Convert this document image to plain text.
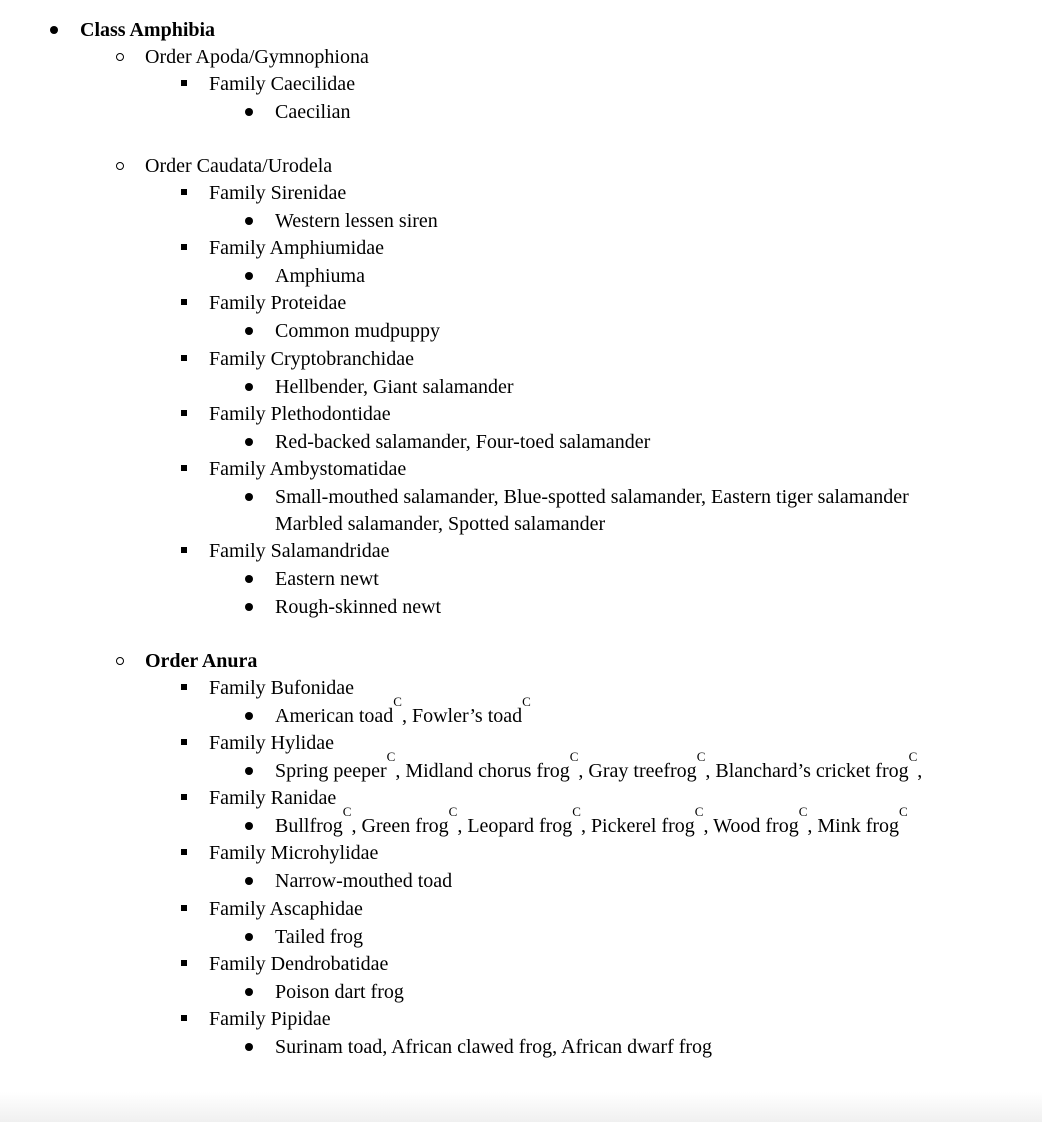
Class Amphibia
Order Apoda/Gymnophiona
Family Caecilidae
Caecilian
Order Caudata/Urodela
Family Sirenidae
Western lessen siren
Family Amphiumidae
Amphiuma
Family Proteidae
Common mudpuppy
Family Cryptobranchidae
Hellbender, Giant salamander
Family Plethodontidae
Red-backed salamander, Four-toed salamander
Family Ambystomatidae
Small-mouthed salamander, Blue-spotted salamander, Eastern tiger salamander
Marbled salamander, Spotted salamander
Family Salamandridae
Eastern newt
Rough-skinned newt
Order Anura
Family Bufonidae
American toad$^C$, Fowler’s toad$^C$
Family Hylidae
Spring peeper$^C$, Midland chorus frog$^C$, Gray treefrog$^C$, Blanchard’s cricket frog$^C$,
Family Ranidae
Bullfrog$^C$, Green frog$^C$, Leopard frog$^C$, Pickerel frog$^C$, Wood frog$^C$, Mink frog$^C$
Family Microhylidae
Narrow-mouthed toad
Family Ascaphidae
Tailed frog
Family Dendrobatidae
Poison dart frog
Family Pipidae
Surinam toad, African clawed frog, African dwarf frog
